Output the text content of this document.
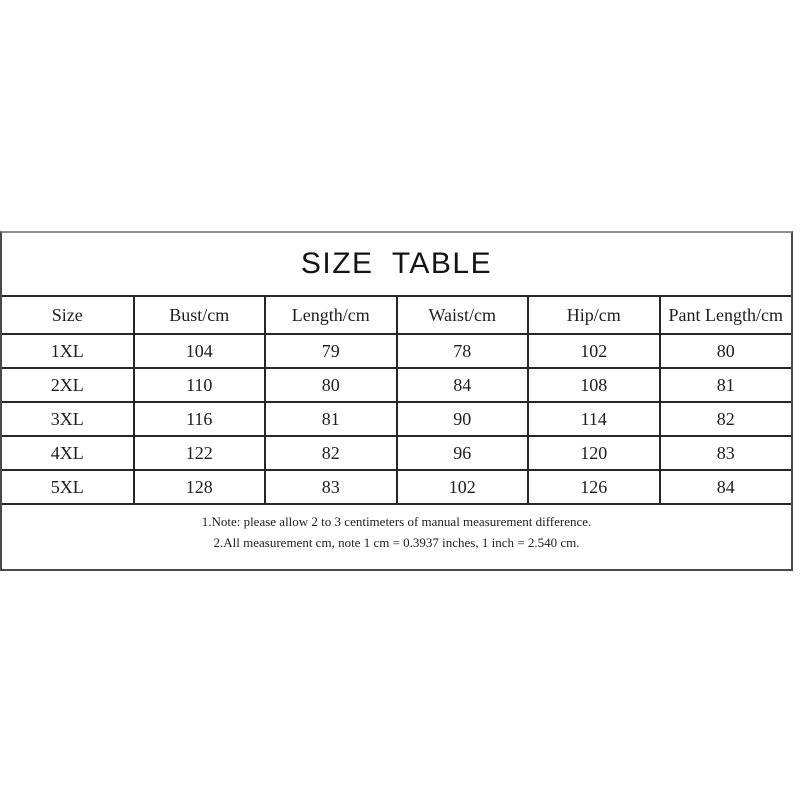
SIZE TABLE
Size	Bust/cm	Length/cm	Waist/cm	Hip/cm	Pant Length/cm
1XL	104	79	78	102	80
2XL	110	80	84	108	81
3XL	116	81	90	114	82
4XL	122	82	96	120	83
5XL	128	83	102	126	84

1.Note: please allow 2 to 3 centimeters of manual measurement difference.
2.All measurement cm, note 1 cm = 0.3937 inches, 1 inch = 2.540 cm.					
